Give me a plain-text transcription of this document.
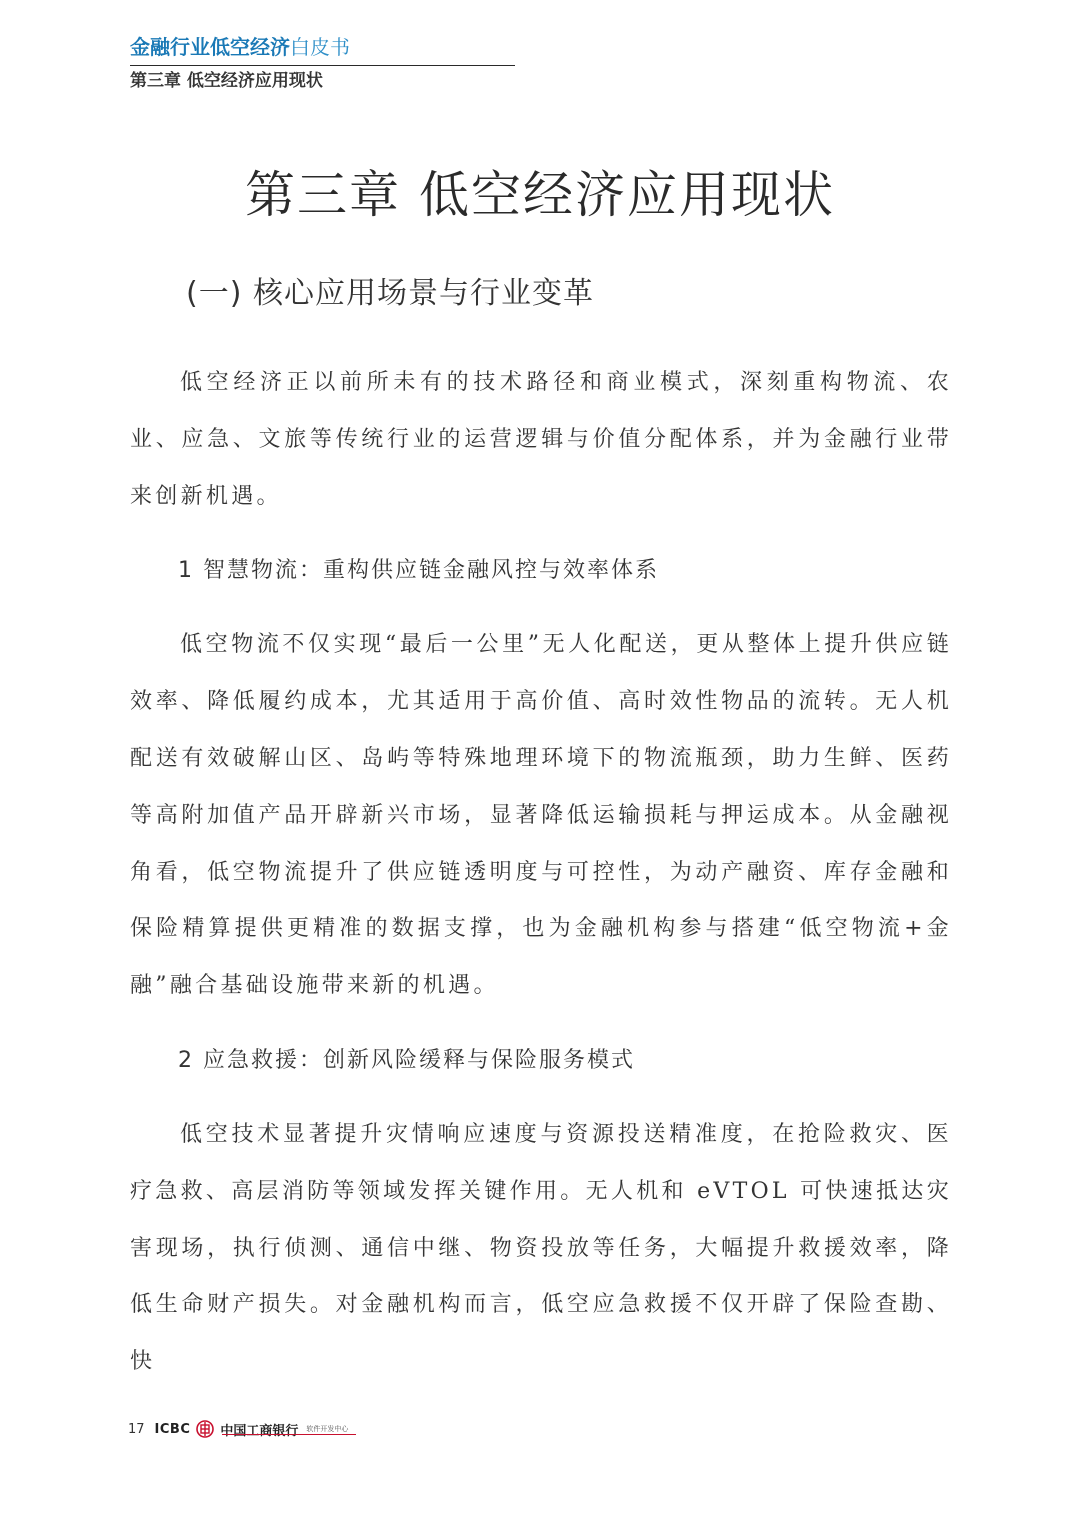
金融行业低空经济白皮书
第三章 低空经济应用现状
第三章 低空经济应用现状
(一) 核心应用场景与行业变革

低空经济正以前所未有的技术路径和商业模式，深刻重构物流、农业、应急、文旅等传统行业的运营逻辑与价值分配体系，并为金融行业带来创新机遇。

1 智慧物流：重构供应链金融风控与效率体系

低空物流不仅实现“最后一公里”无人化配送，更从整体上提升供应链效率、降低履约成本，尤其适用于高价值、高时效性物品的流转。无人机配送有效破解山区、岛屿等特殊地理环境下的物流瓶颈，助力生鲜、医药等高附加值产品开辟新兴市场，显著降低运输损耗与押运成本。从金融视角看，低空物流提升了供应链透明度与可控性，为动产融资、库存金融和保险精算提供更精准的数据支撑，也为金融机构参与搭建“低空物流+金融”融合基础设施带来新的机遇。

2 应急救援：创新风险缓释与保险服务模式

低空技术显著提升灾情响应速度与资源投送精准度，在抢险救灾、医疗急救、高层消防等领域发挥关键作用。无人机和 eVTOL 可快速抵达灾害现场，执行侦测、通信中继、物资投放等任务，大幅提升救援效率，降低生命财产损失。对金融机构而言，低空应急救援不仅开辟了保险查勘、快

17 ICBC 中国工商银行 软件开发中心
